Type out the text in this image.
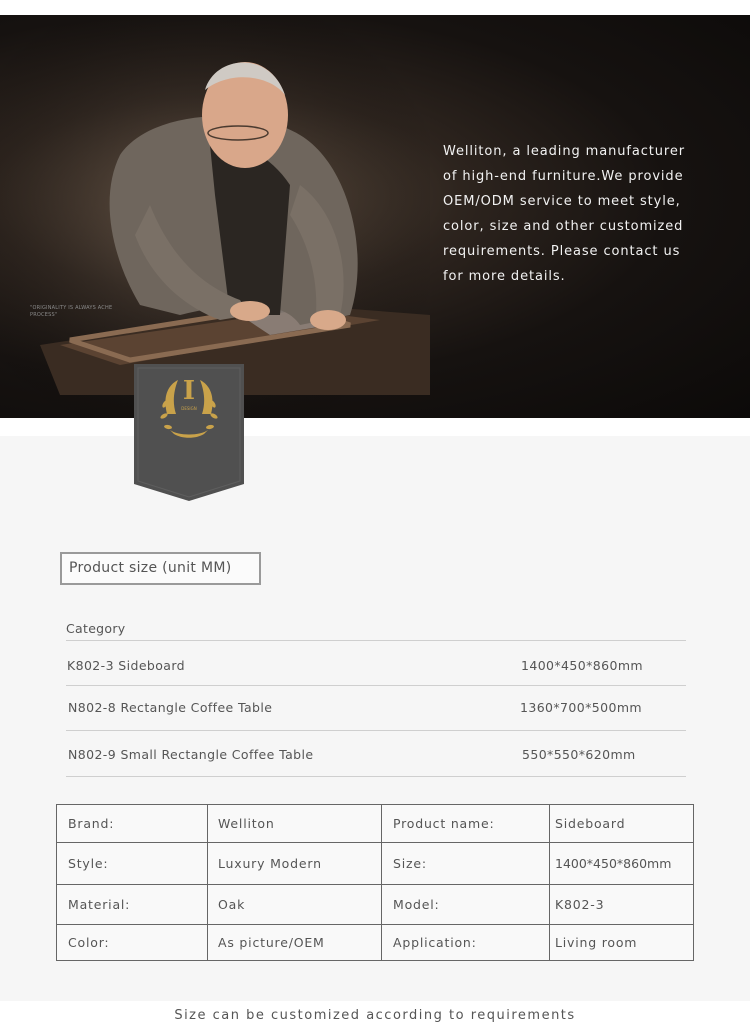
"ORIGINALITY IS ALWAYS ACHE PROCESS"
Welliton, a leading manufacturer
of high-end furniture.We provide
OEM/ODM service to meet style,
color, size and other customized
requirements. Please contact us
for more details.
I
DESIGN
Product size (unit MM)
Category
K802-3 Sideboard	1400*450*860mm
N802-8 Rectangle Coffee Table	1360*700*500mm
N802-9 Small Rectangle Coffee Table	550*550*620mm
Brand:	Welliton	Product name:	Sideboard
Style:	Luxury Modern	Size:	1400*450*860mm
Material:	Oak	Model:	K802-3
Color:	As picture/OEM	Application:	Living room
Size can be customized according to requirements
